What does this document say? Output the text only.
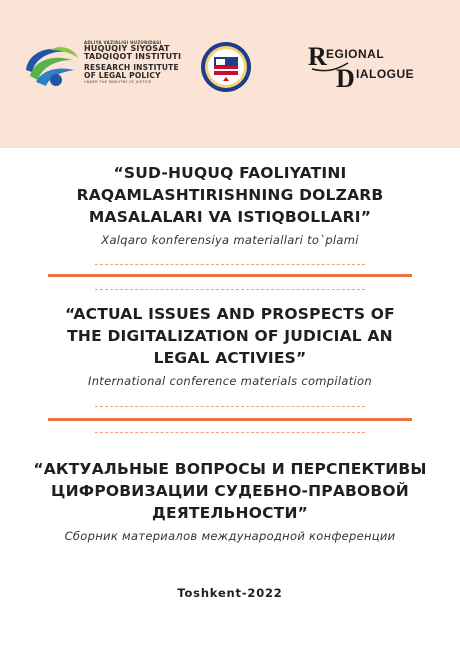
ADLIYA VAZIRLIGI HUZURIDAGI
HUQUQIY SIYOSAT
TADQIQOT INSTITUTI
RESEARCH INSTITUTE
OF LEGAL POLICY
UNDER THE MINISTRY OF JUSTICE
R
D
EGIONAL
IALOGUE
“SUD-HUQUQ FAOLIYATINI
RAQAMLASHTIRISHNING DOLZARB
MASALALARI VA ISTIQBOLLARI”
Xalqaro konferensiya materiallari to`plami
“ACTUAL ISSUES AND PROSPECTS OF
THE DIGITALIZATION OF JUDICIAL AN
LEGAL ACTIVIES”
International conference materials compilation
“АКТУАЛЬНЫЕ ВОПРОСЫ И ПЕРСПЕКТИВЫ
ЦИФРОВИЗАЦИИ СУДЕБНО-ПРАВОВОЙ
ДЕЯТЕЛЬНОСТИ”
Сборник материалов международной конференции
Toshkent-2022
